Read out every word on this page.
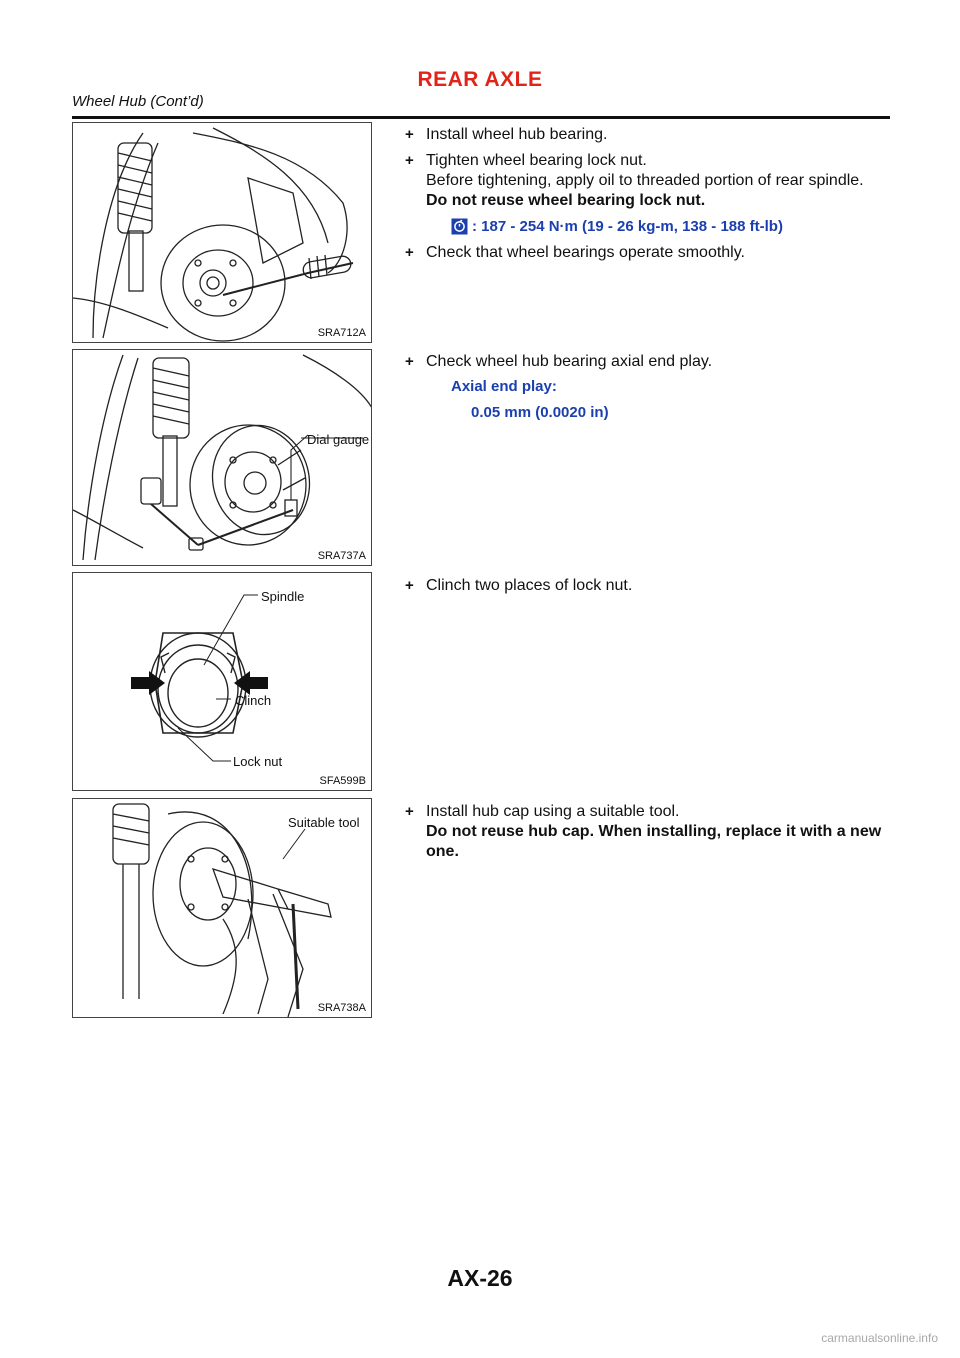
REAR AXLE
Wheel Hub (Cont’d)
SRA712A
+ Install wheel hub bearing.
+ Tighten wheel bearing lock nut.
Before tightening, apply oil to threaded portion of rear spindle.
Do not reuse wheel bearing lock nut.
: 187 - 254 N·m (19 - 26 kg-m, 138 - 188 ft-lb)
+ Check that wheel bearings operate smoothly.
Dial gauge
SRA737A
+ Check wheel hub bearing axial end play.
Axial end play:
0.05 mm (0.0020 in)
Spindle
Clinch
Lock nut
SFA599B
+ Clinch two places of lock nut.
Suitable tool
SRA738A
+ Install hub cap using a suitable tool.
Do not reuse hub cap. When installing, replace it with a new one.
AX-26
carmanualsonline.info
